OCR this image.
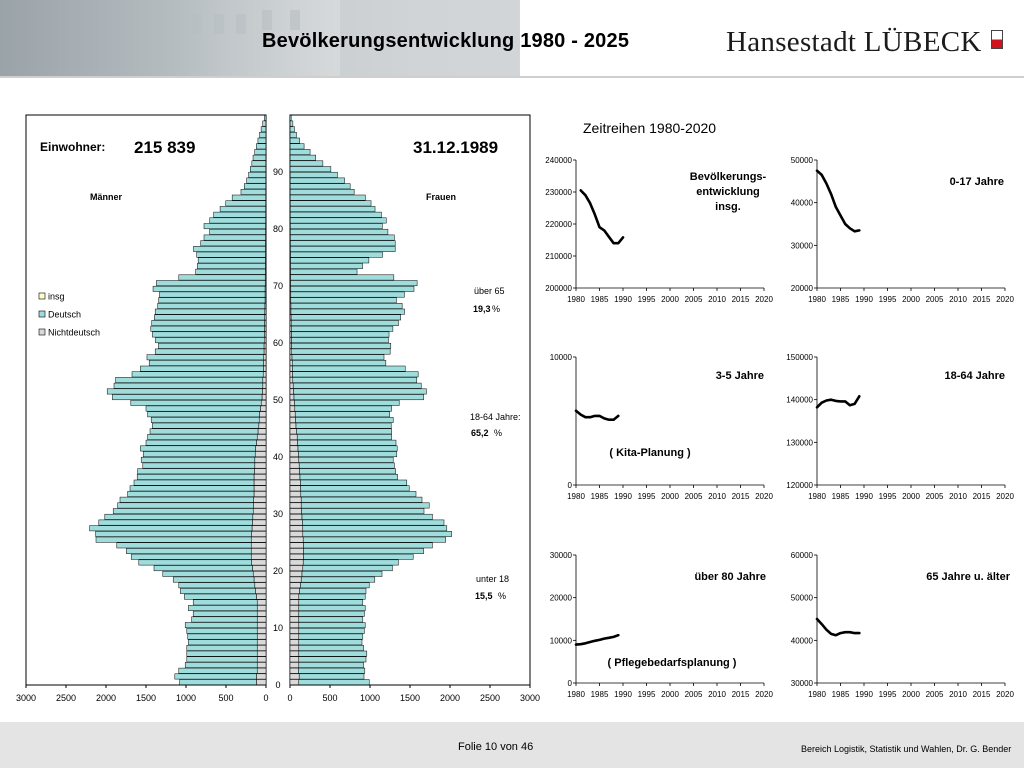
Bevölkerungsentwicklung 1980 - 2025	Hansestadt LÜBECK
3000 2500 2000 1500 1000 500	0 0	500 1000 1500 2000 2500 3000
0
10
20
30
40
50
60
70
80
90
Einwohner: 215 839	31.12.1989
Männer	Frauen
insg
Deutsch
Nichtdeutsch
über 65
19,3 %
18-64 Jahre:
65,2 %
unter 18
15,5 %
Zeitreihen 1980-2020
200000
210000
220000
230000
240000
1980 1985 1990 1995 2000 2005 2010 2015 2020
Bevölkerungs-
entwicklung
insg.
20000
30000
40000
50000
1980 1985 1990 1995 2000 2005 2010 2015 2020
0-17 Jahre
0
10000
1980 1985 1990 1995 2000 2005 2010 2015 2020
3-5 Jahre
( Kita-Planung )
120000
130000
140000
150000
1980 1985 1990 1995 2000 2005 2010 2015 2020
18-64 Jahre
0
10000
20000
30000
1980 1985 1990 1995 2000 2005 2010 2015 2020
über 80 Jahre
( Pflegebedarfsplanung )
30000
40000
50000
60000
1980 1985 1990 1995 2000 2005 2010 2015 2020
65 Jahre u. älter
Folie 10 von 46	Bereich Logistik, Statistik und Wahlen, Dr. G. Bender
